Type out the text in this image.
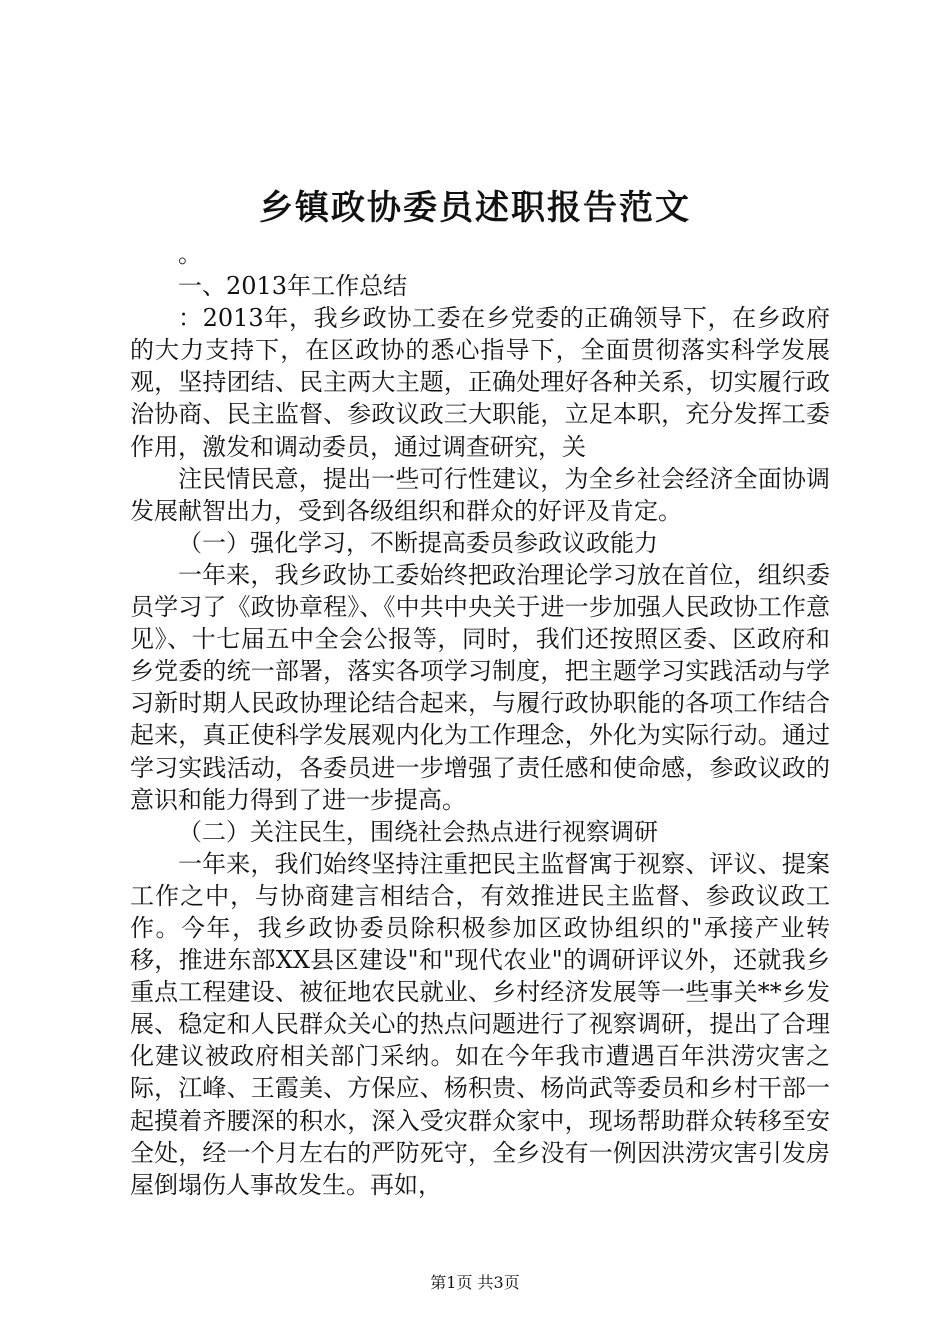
乡镇政协委员述职报告范文

。

一、2013年工作总结

：2013年，我乡政协工委在乡党委的正确领导下，在乡政府的大力支持下，在区政协的悉心指导下，全面贯彻落实科学发展观，坚持团结、民主两大主题，正确处理好各种关系，切实履行政治协商、民主监督、参政议政三大职能，立足本职，充分发挥工委作用，激发和调动委员，通过调查研究，关

注民情民意，提出一些可行性建议，为全乡社会经济全面协调发展献智出力，受到各级组织和群众的好评及肯定。

（一）强化学习，不断提高委员参政议政能力

一年来，我乡政协工委始终把政治理论学习放在首位，组织委员学习了《政协章程》、《中共中央关于进一步加强人民政协工作意见》、十七届五中全会公报等，同时，我们还按照区委、区政府和乡党委的统一部署，落实各项学习制度，把主题学习实践活动与学习新时期人民政协理论结合起来，与履行政协职能的各项工作结合起来，真正使科学发展观内化为工作理念，外化为实际行动。通过学习实践活动，各委员进一步增强了责任感和使命感，参政议政的意识和能力得到了进一步提高。

（二）关注民生，围绕社会热点进行视察调研

一年来，我们始终坚持注重把民主监督寓于视察、评议、提案工作之中，与协商建言相结合，有效推进民主监督、参政议政工作。今年，我乡政协委员除积极参加区政协组织的"承接产业转移，推进东部XX县区建设"和"现代农业"的调研评议外，还就我乡重点工程建设、被征地农民就业、乡村经济发展等一些事关**乡发展、稳定和人民群众关心的热点问题进行了视察调研，提出了合理化建议被政府相关部门采纳。如在今年我市遭遇百年洪涝灾害之际，江峰、王霞美、方保应、杨积贵、杨尚武等委员和乡村干部一起摸着齐腰深的积水，深入受灾群众家中，现场帮助群众转移至安全处，经一个月左右的严防死守，全乡没有一例因洪涝灾害引发房屋倒塌伤人事故发生。再如，

第1页 共3页
